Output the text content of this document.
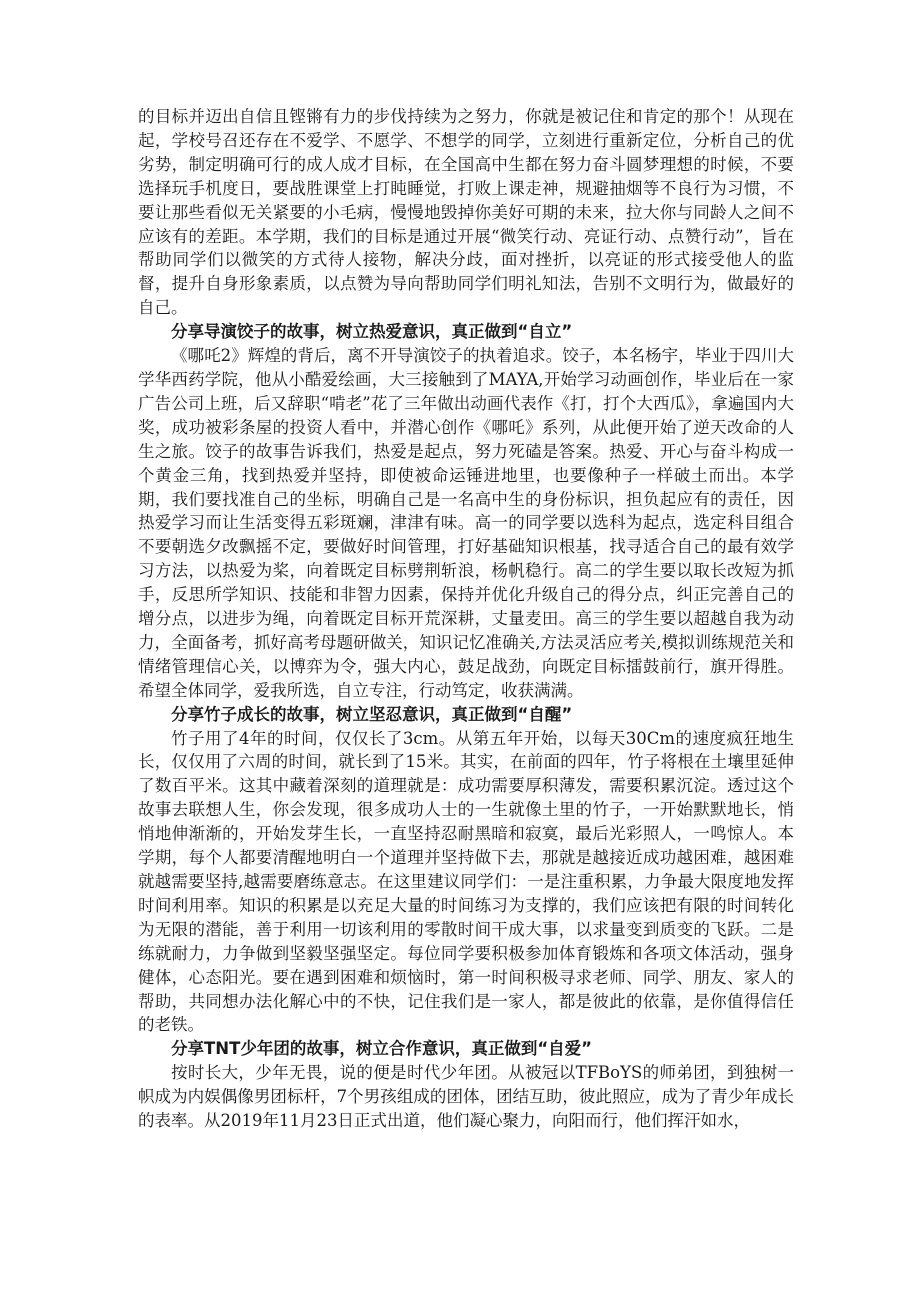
的目标并迈出自信且铿锵有力的步伐持续为之努力，你就是被记住和肯定的那个！从现在起，学校号召还存在不爱学、不愿学、不想学的同学，立刻进行重新定位，分析自己的优劣势，制定明确可行的成人成才目标，在全国高中生都在努力奋斗圆梦理想的时候，不要选择玩手机度日，要战胜课堂上打盹睡觉，打败上课走神，规避抽烟等不良行为习惯，不要让那些看似无关紧要的小毛病，慢慢地毁掉你美好可期的未来，拉大你与同龄人之间不应该有的差距。本学期，我们的目标是通过开展“微笑行动、亮证行动、点赞行动”，旨在帮助同学们以微笑的方式待人接物，解决分歧，面对挫折，以亮证的形式接受他人的监督，提升自身形象素质，以点赞为导向帮助同学们明礼知法，告别不文明行为，做最好的自己。

分享导演饺子的故事，树立热爱意识，真正做到“自立”

《哪吒2》辉煌的背后，离不开导演饺子的执着追求。饺子，本名杨宇，毕业于四川大学华西药学院，他从小酷爱绘画，大三接触到了MAYA,开始学习动画创作，毕业后在一家广告公司上班，后又辞职“啃老”花了三年做出动画代表作《打，打个大西瓜》，拿遍国内大奖，成功被彩条屋的投资人看中，并潜心创作《哪吒》系列，从此便开始了逆天改命的人生之旅。饺子的故事告诉我们，热爱是起点，努力死磕是答案。热爱、开心与奋斗构成一个黄金三角，找到热爱并坚持，即使被命运锤进地里，也要像种子一样破土而出。本学期，我们要找准自己的坐标，明确自己是一名高中生的身份标识，担负起应有的责任，因热爱学习而让生活变得五彩斑斓，津津有味。高一的同学要以选科为起点，选定科目组合不要朝选夕改飘摇不定，要做好时间管理，打好基础知识根基，找寻适合自己的最有效学习方法，以热爱为桨，向着既定目标劈荆斩浪，杨帆稳行。高二的学生要以取长改短为抓手，反思所学知识、技能和非智力因素，保持并优化升级自己的得分点，纠正完善自己的增分点，以进步为绳，向着既定目标开荒深耕，丈量麦田。高三的学生要以超越自我为动力，全面备考，抓好高考母题研做关，知识记忆准确关,方法灵活应考关,模拟训练规范关和情绪管理信心关，以博弈为令，强大内心，鼓足战劲，向既定目标擂鼓前行，旗开得胜。希望全体同学，爱我所选，自立专注，行动笃定，收获满满。

分享竹子成长的故事，树立坚忍意识，真正做到“自醒”

竹子用了4年的时间，仅仅长了3cm。从第五年开始，以每天30Cm的速度疯狂地生长，仅仅用了六周的时间，就长到了15米。其实，在前面的四年，竹子将根在土壤里延伸了数百平米。这其中藏着深刻的道理就是：成功需要厚积薄发，需要积累沉淀。透过这个故事去联想人生，你会发现，很多成功人士的一生就像土里的竹子，一开始默默地长，悄悄地伸渐渐的，开始发芽生长，一直坚持忍耐黑暗和寂寞，最后光彩照人，一鸣惊人。本学期，每个人都要清醒地明白一个道理并坚持做下去，那就是越接近成功越困难，越困难就越需要坚持,越需要磨练意志。在这里建议同学们：一是注重积累，力争最大限度地发挥时间利用率。知识的积累是以充足大量的时间练习为支撑的，我们应该把有限的时间转化为无限的潜能，善于利用一切该利用的零散时间干成大事，以求量变到质变的飞跃。二是练就耐力，力争做到坚毅坚强坚定。每位同学要积极参加体育锻炼和各项文体活动，强身健体，心态阳光。要在遇到困难和烦恼时，第一时间积极寻求老师、同学、朋友、家人的帮助，共同想办法化解心中的不快，记住我们是一家人，都是彼此的依靠，是你值得信任的老铁。

分享TNT少年团的故事，树立合作意识，真正做到“自爱”

按时长大，少年无畏，说的便是时代少年团。从被冠以TFBoYS的师弟团，到独树一帜成为内娱偶像男团标杆，7个男孩组成的团体，团结互助，彼此照应，成为了青少年成长的表率。从2019年11月23日正式出道，他们凝心聚力，向阳而行，他们挥汗如水，
